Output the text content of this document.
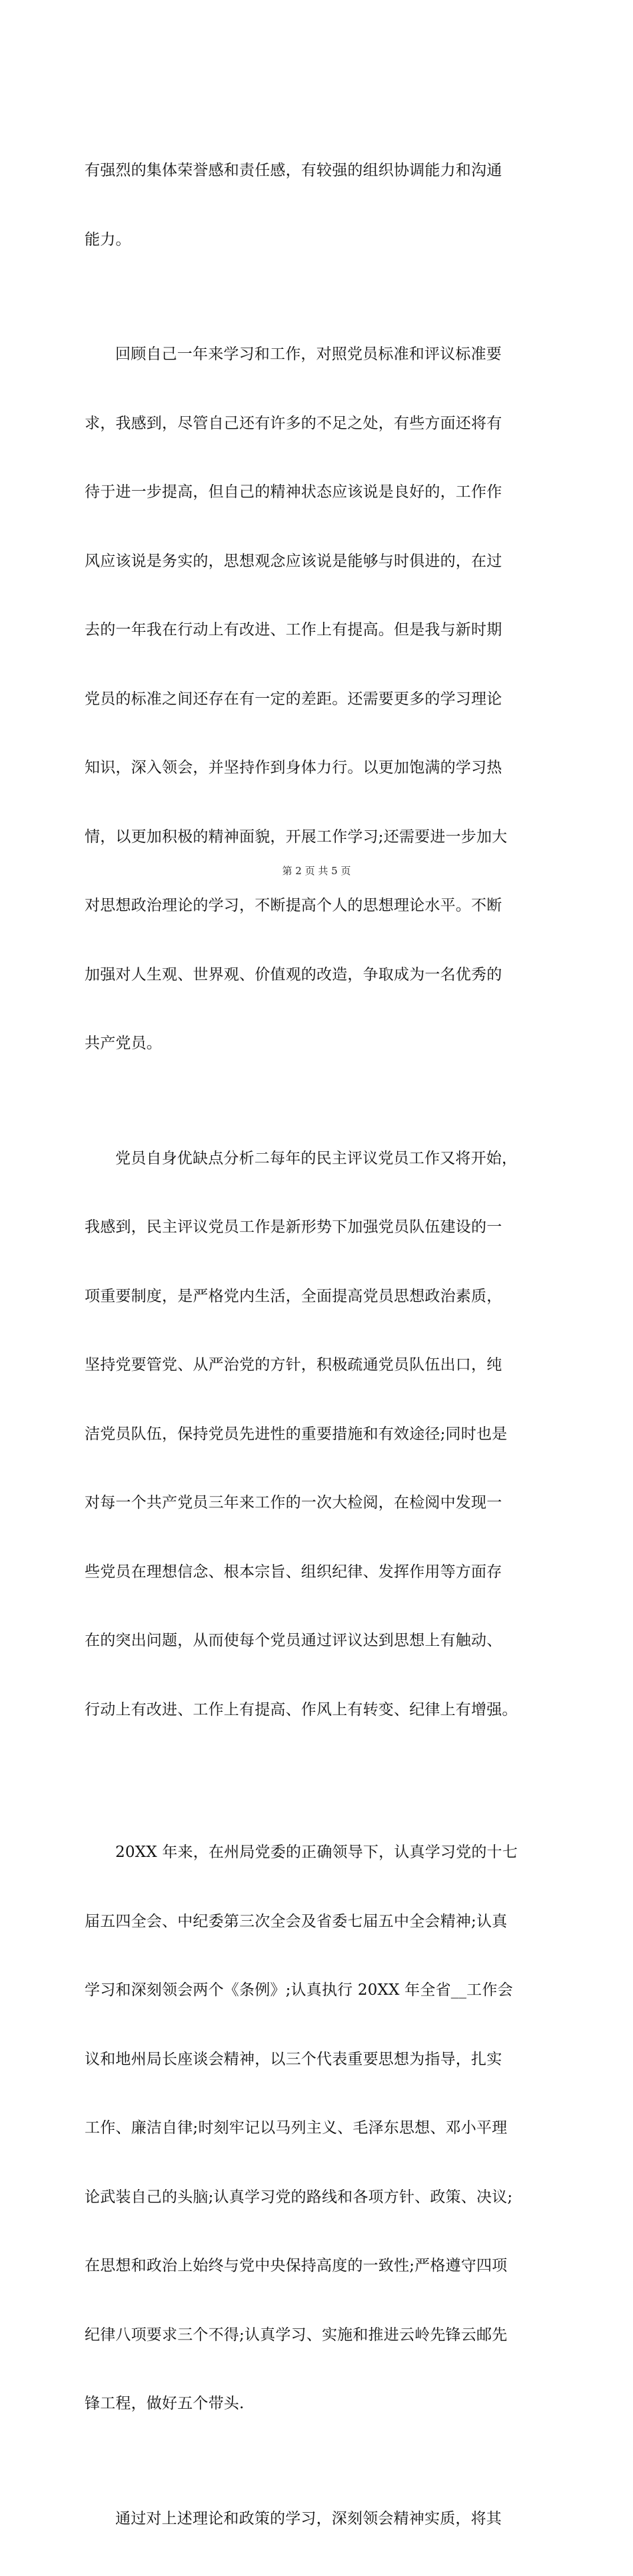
有强烈的集体荣誉感和责任感，有较强的组织协调能力和沟通

能力。

回顾自己一年来学习和工作，对照党员标准和评议标准要

求，我感到，尽管自己还有许多的不足之处，有些方面还将有

待于进一步提高，但自己的精神状态应该说是良好的，工作作

风应该说是务实的，思想观念应该说是能够与时俱进的，在过

去的一年我在行动上有改进、工作上有提高。但是我与新时期

党员的标准之间还存在有一定的差距。还需要更多的学习理论

知识，深入领会，并坚持作到身体力行。以更加饱满的学习热

情，以更加积极的精神面貌，开展工作学习;还需要进一步加大

对思想政治理论的学习，不断提高个人的思想理论水平。不断

加强对人生观、世界观、价值观的改造，争取成为一名优秀的

共产党员。

党员自身优缺点分析二每年的民主评议党员工作又将开始，

我感到，民主评议党员工作是新形势下加强党员队伍建设的一

项重要制度，是严格党内生活，全面提高党员思想政治素质，

坚持党要管党、从严治党的方针，积极疏通党员队伍出口，纯

洁党员队伍，保持党员先进性的重要措施和有效途径;同时也是

对每一个共产党员三年来工作的一次大检阅，在检阅中发现一

些党员在理想信念、根本宗旨、组织纪律、发挥作用等方面存

在的突出问题，从而使每个党员通过评议达到思想上有触动、

行动上有改进、工作上有提高、作风上有转变、纪律上有增强。

20XX 年来，在州局党委的正确领导下，认真学习党的十七

届五四全会、中纪委第三次全会及省委七届五中全会精神;认真

学习和深刻领会两个《条例》;认真执行 20XX 年全省__工作会

议和地州局长座谈会精神，以三个代表重要思想为指导，扎实

工作、廉洁自律;时刻牢记以马列主义、毛泽东思想、邓小平理

论武装自己的头脑;认真学习党的路线和各项方针、政策、决议;

在思想和政治上始终与党中央保持高度的一致性;严格遵守四项

纪律八项要求三个不得;认真学习、实施和推进云岭先锋云邮先

锋工程，做好五个带头.

通过对上述理论和政策的学习，深刻领会精神实质，将其

第 2 页 共 5 页
